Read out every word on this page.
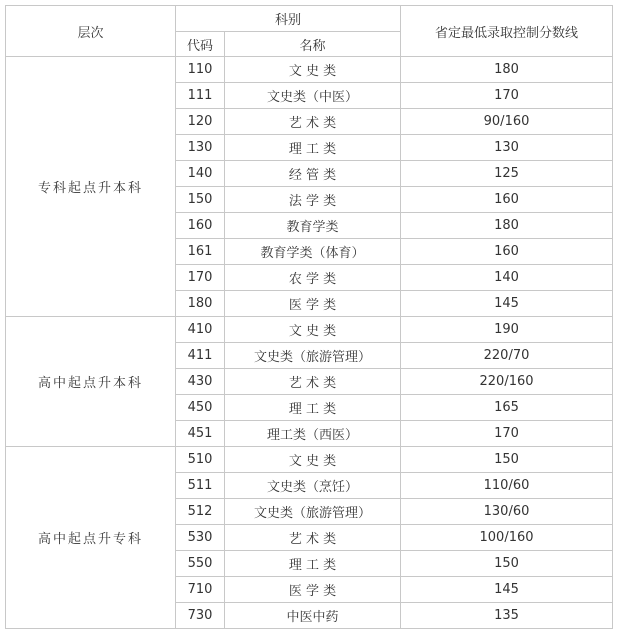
层次	科别		省定最低录取控制分数线
	代码	名称	
专科起点升本科	110	文 史 类	180
	111	文史类（中医）	170
	120	艺 术 类	90/160
	130	理 工 类	130
	140	经 管 类	125
	150	法 学 类	160
	160	教育学类	180
	161	教育学类（体育）	160
	170	农 学 类	140
	180	医 学 类	145
高中起点升本科	410	文 史 类	190
	411	文史类（旅游管理）	220/70
	430	艺 术 类	220/160
	450	理 工 类	165
	451	理工类（西医）	170
高中起点升专科	510	文 史 类	150
	511	文史类（烹饪）	110/60
	512	文史类（旅游管理）	130/60
	530	艺 术 类	100/160
	550	理 工 类	150
	710	医 学 类	145
	730	中医中药	135
